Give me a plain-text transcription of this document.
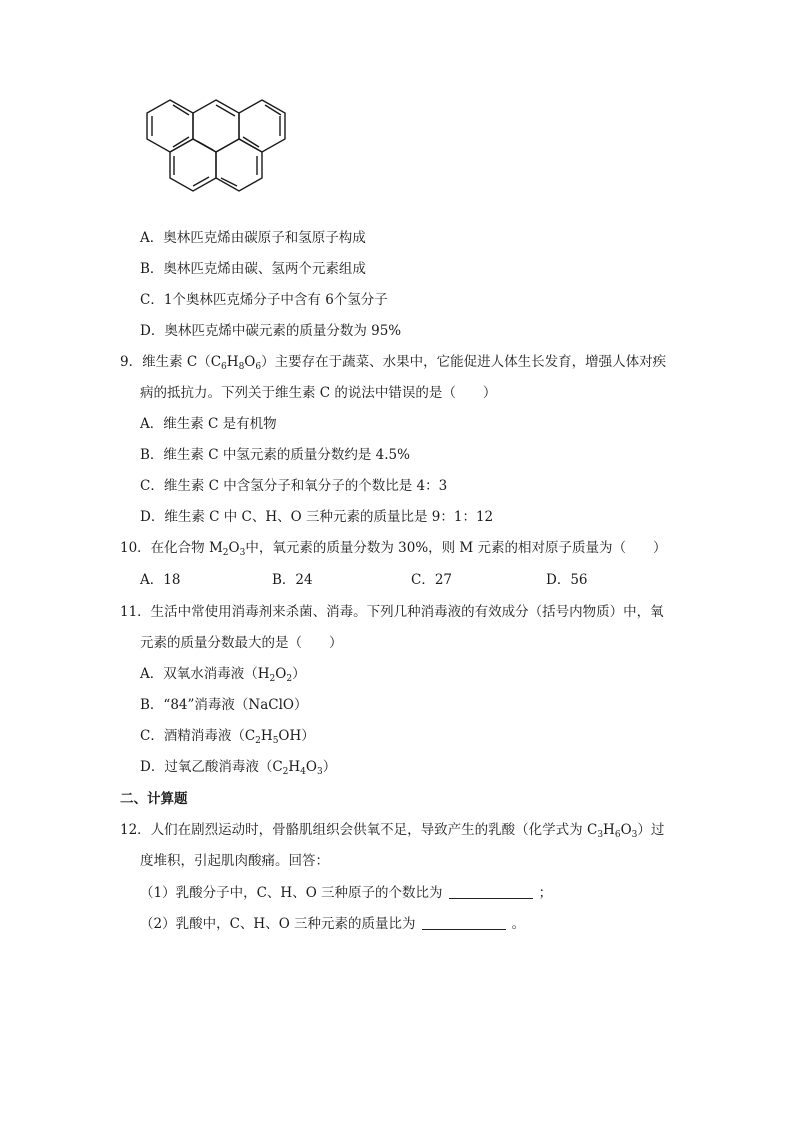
A．奥林匹克烯由碳原子和氢原子构成
B．奥林匹克烯由碳、氢两个元素组成
C．1个奥林匹克烯分子中含有 6个氢分子
D．奥林匹克烯中碳元素的质量分数为 95%
9．维生素 $C(C_6H_8O_6)$主要存在于蔬菜、水果中，它能促进人体生长发育，增强人体对疾
病的抵抗力。下列关于维生素 C 的说法中错误的是（　　）
A．维生素 C 是有机物
B．维生素 C 中氢元素的质量分数约是 4.5%
C．维生素 C 中含氢分子和氧分子的个数比是 4：3
D．维生素 C 中 C、H、O 三种元素的质量比是 9：1：12
10．在化合物 $M_2O_3$中，氧元素的质量分数为 30%，则 M 元素的相对原子质量为（　　）
A．18	B．24	C．27	D．56
11．生活中常使用消毒剂来杀菌、消毒。下列几种消毒液的有效成分（括号内物质）中，氧
元素的质量分数最大的是（　　）
A．双氧水消毒液$(H_2O_2)$
B．“84”消毒液（NaClO）
C．酒精消毒液$(C_2H_5OH)$
D．过氧乙酸消毒液$(C_2H_4O_3)$
二、计算题
12．人们在剧烈运动时，骨骼肌组织会供氧不足，导致产生的乳酸（化学式为 $C_3H_6O_3$）过
度堆积，引起肌肉酸痛。回答：
（1）乳酸分子中，C、H、O 三种原子的个数比为	；
（2）乳酸中，C、H、O 三种元素的质量比为	。
